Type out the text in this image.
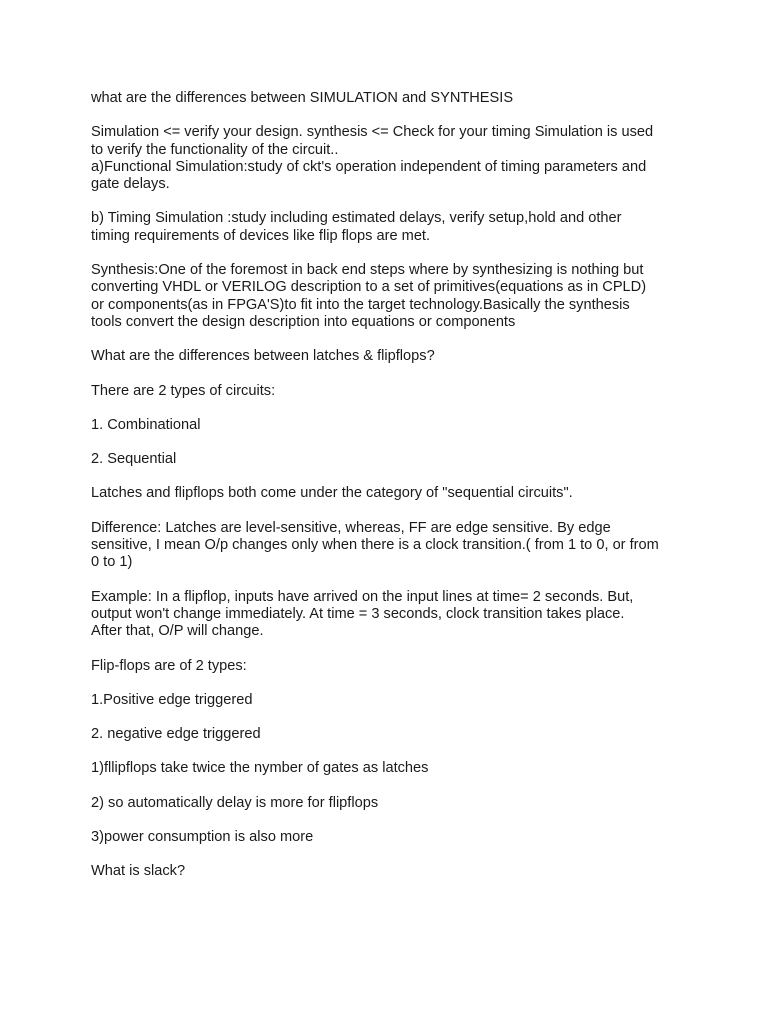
what are the differences between SIMULATION and SYNTHESIS

Simulation <= verify your design. synthesis <= Check for your timing Simulation is used
to verify the functionality of the circuit..
a)Functional Simulation:study of ckt's operation independent of timing parameters and
gate delays.

b) Timing Simulation :study including estimated delays, verify setup,hold and other
timing requirements of devices like flip flops are met.

Synthesis:One of the foremost in back end steps where by synthesizing is nothing but
converting VHDL or VERILOG description to a set of primitives(equations as in CPLD)
or components(as in FPGA'S)to fit into the target technology.Basically the synthesis
tools convert the design description into equations or components

What are the differences between latches & flipflops?

There are 2 types of circuits:

1. Combinational

2. Sequential

Latches and flipflops both come under the category of "sequential circuits".

Difference: Latches are level-sensitive, whereas, FF are edge sensitive. By edge
sensitive, I mean O/p changes only when there is a clock transition.( from 1 to 0, or from
0 to 1)

Example: In a flipflop, inputs have arrived on the input lines at time= 2 seconds. But,
output won't change immediately. At time = 3 seconds, clock transition takes place.
After that, O/P will change.

Flip-flops are of 2 types:

1.Positive edge triggered

2. negative edge triggered

1)fllipflops take twice the nymber of gates as latches

2) so automatically delay is more for flipflops

3)power consumption is also more

What is slack?
